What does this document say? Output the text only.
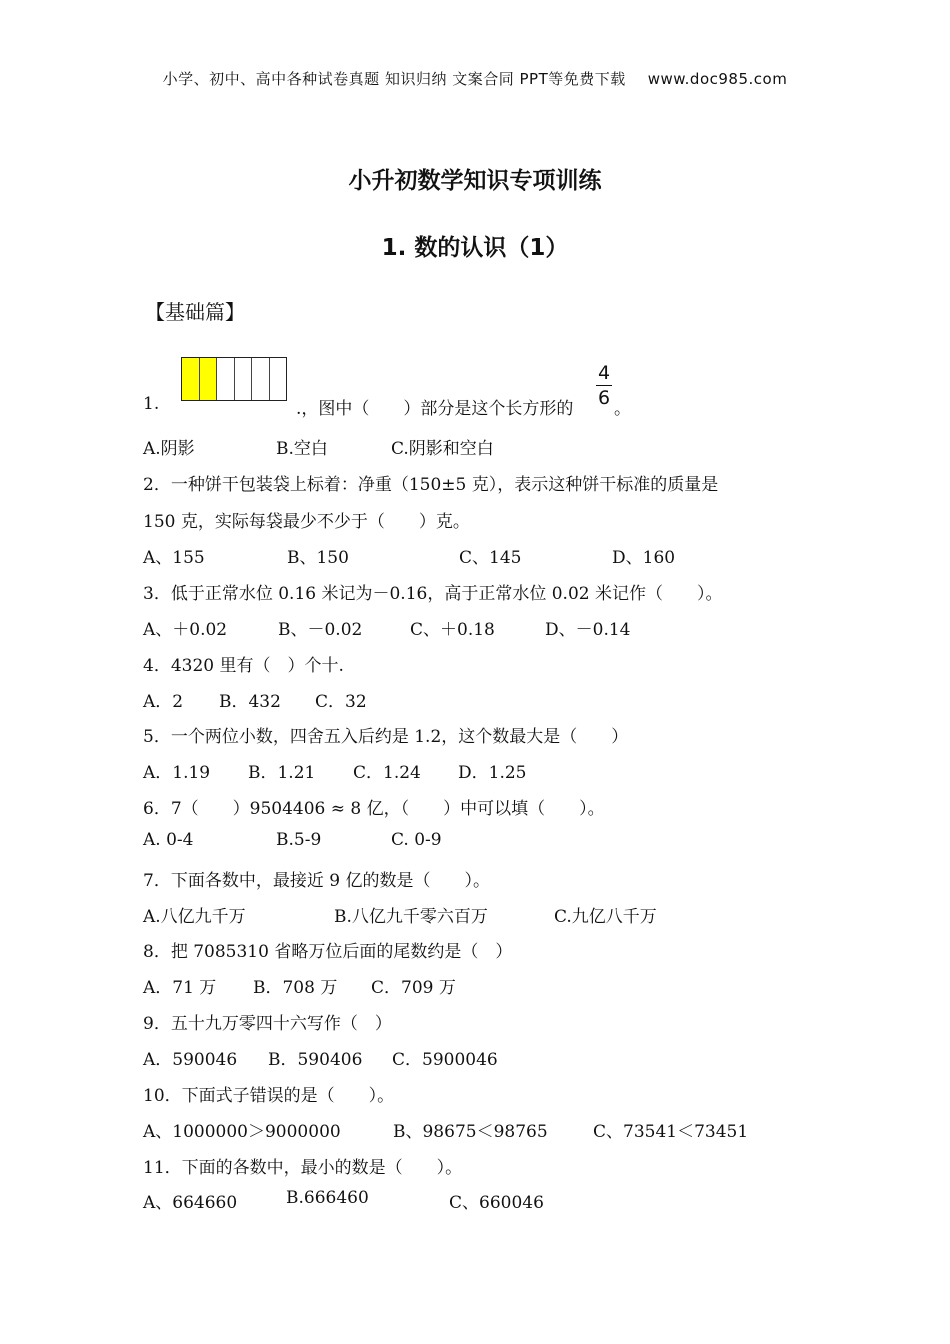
小学、初中、高中各种试卷真题 知识归纳 文案合同 PPT等免费下载 www.doc985.com
小升初数学知识专项训练
1. 数的认识（1）
【基础篇】
1.	.，图中（　　）部分是这个长方形的
4
6 。
A.阴影	B.空白	C.阴影和空白
2．一种饼干包装袋上标着：净重（150±5 克），表示这种饼干标准的质量是
150 克，实际每袋最少不少于（　　）克。
A、155	B、150	C、145	D、160
3．低于正常水位 0.16 米记为－0.16，高于正常水位 0.02 米记作（　　）。
A、＋0.02	B、－0.02	C、＋0.18	D、－0.14
4．4320 里有（　）个十.
A．2 B．432 C．32
5．一个两位小数，四舍五入后约是 1.2，这个数最大是（　　）
A．1.19 B．1.21 C．1.24 D．1.25
6．7（　　）9504406 ≈ 8 亿，（　　）中可以填（　　）。
A. 0-4	B.5-9	C. 0-9
7．下面各数中，最接近 9 亿的数是（　　）。
A.八亿九千万	B.八亿九千零六百万	C.九亿八千万
8．把 7085310 省略万位后面的尾数约是（　）
A．71 万 B．708 万 C．709 万
9．五十九万零四十六写作（　）
A．590046 B．590406 C．5900046
10．下面式子错误的是（　　）。
A、1000000＞9000000	B、98675＜98765	C、73541＜73451
11．下面的各数中，最小的数是（　　）。
A、664660	B.666460	C、660046
